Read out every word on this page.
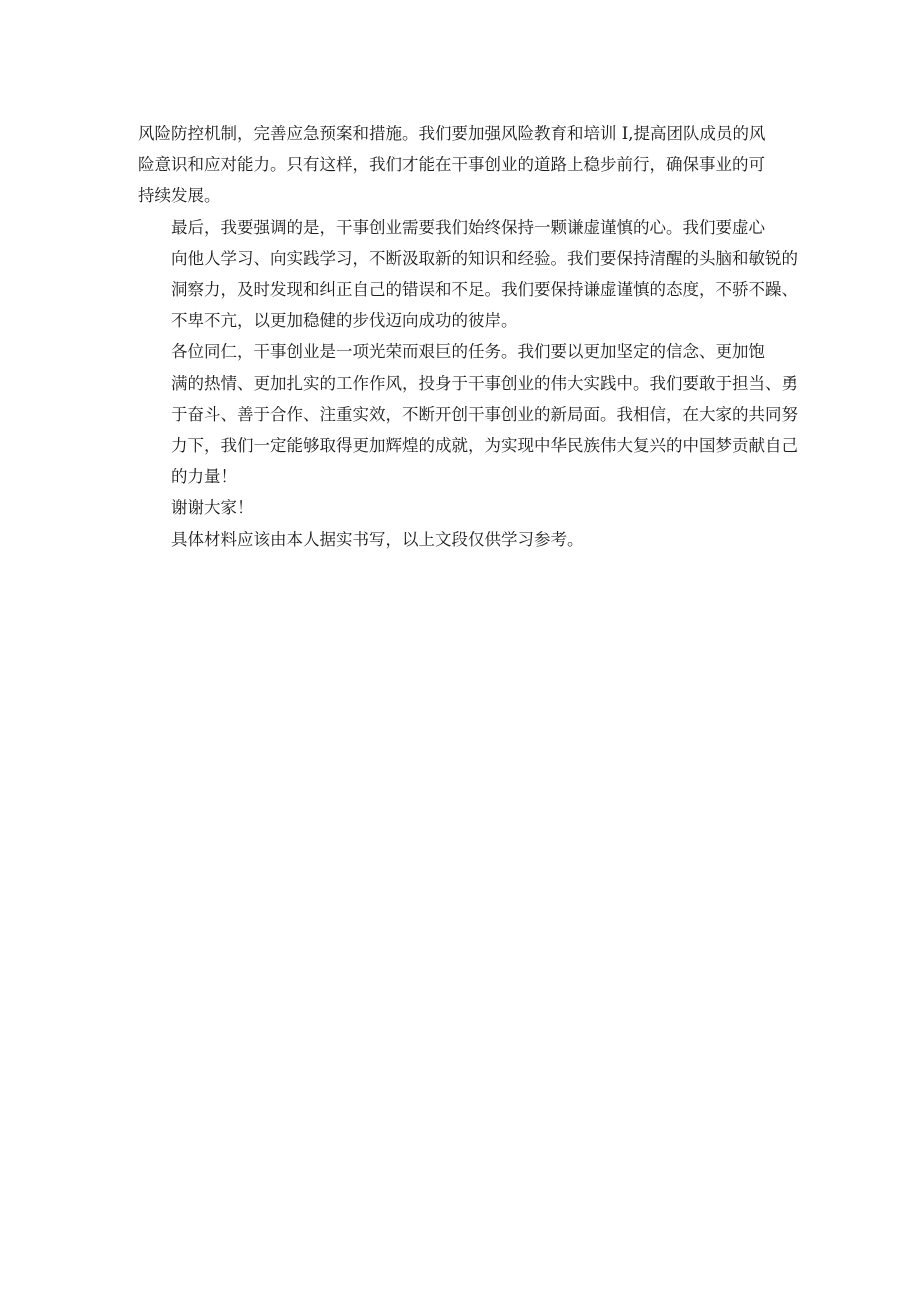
风险防控机制，完善应急预案和措施。我们要加强风险教育和培训 I,提高团队成员的风
险意识和应对能力。只有这样，我们才能在干事创业的道路上稳步前行，确保事业的可
持续发展。

最后，我要强调的是，干事创业需要我们始终保持一颗谦虚谨慎的心。我们要虚心
向他人学习、向实践学习，不断汲取新的知识和经验。我们要保持清醒的头脑和敏锐的
洞察力，及时发现和纠正自己的错误和不足。我们要保持谦虚谨慎的态度，不骄不躁、
不卑不亢，以更加稳健的步伐迈向成功的彼岸。

各位同仁，干事创业是一项光荣而艰巨的任务。我们要以更加坚定的信念、更加饱
满的热情、更加扎实的工作作风，投身于干事创业的伟大实践中。我们要敢于担当、勇
于奋斗、善于合作、注重实效，不断开创干事创业的新局面。我相信，在大家的共同努
力下，我们一定能够取得更加辉煌的成就，为实现中华民族伟大复兴的中国梦贡献自己
的力量！

谢谢大家！

具体材料应该由本人据实书写，以上文段仅供学习参考。
